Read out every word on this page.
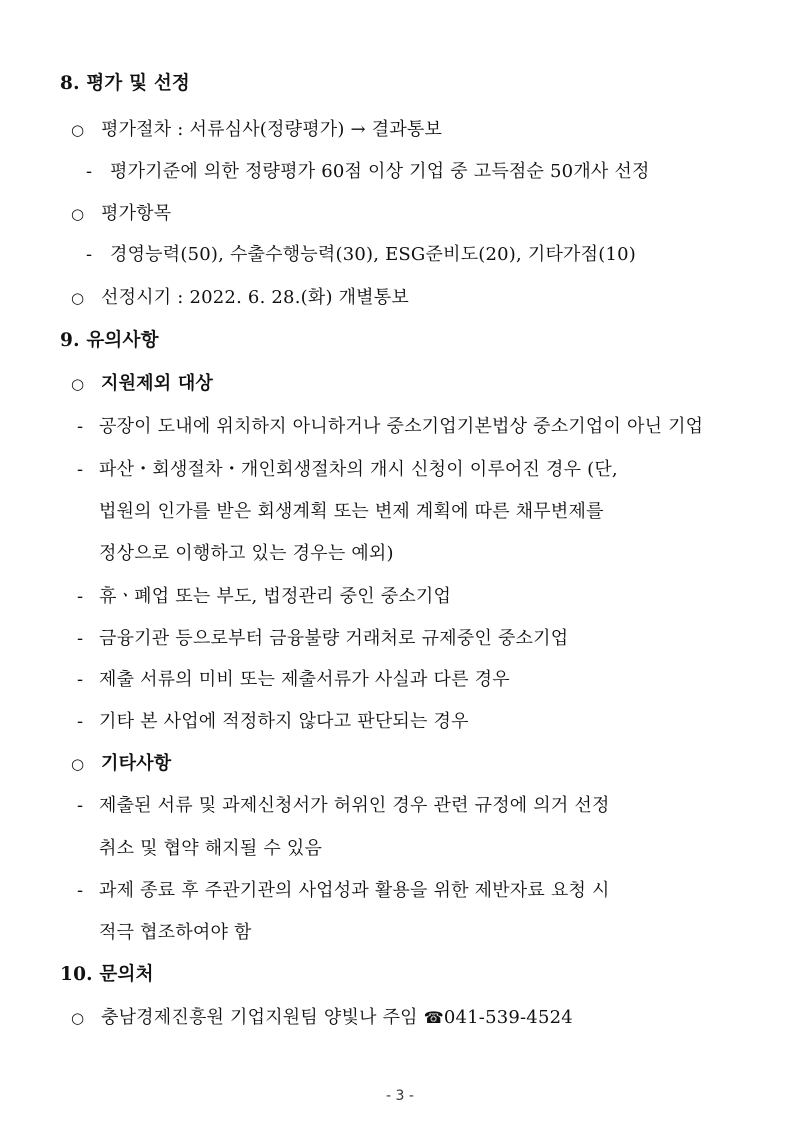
8. 평가 및 선정
○ 평가절차 : 서류심사(정량평가) → 결과통보
- 평가기준에 의한 정량평가 60점 이상 기업 중 고득점순 50개사 선정
○ 평가항목
- 경영능력(50), 수출수행능력(30), ESG준비도(20), 기타가점(10)
○ 선정시기 : 2022. 6. 28.(화) 개별통보
9. 유의사항
○ 지원제외 대상
- 공장이 도내에 위치하지 아니하거나 중소기업기본법상 중소기업이 아닌 기업
- 파산・회생절차・개인회생절차의 개시 신청이 이루어진 경우 (단,
법원의 인가를 받은 회생계획 또는 변제 계획에 따른 채무변제를
정상으로 이행하고 있는 경우는 예외)
- 휴ㆍ폐업 또는 부도, 법정관리 중인 중소기업
- 금융기관 등으로부터 금융불량 거래처로 규제중인 중소기업
- 제출 서류의 미비 또는 제출서류가 사실과 다른 경우
- 기타 본 사업에 적정하지 않다고 판단되는 경우
○ 기타사항
- 제출된 서류 및 과제신청서가 허위인 경우 관련 규정에 의거 선정
취소 및 협약 해지될 수 있음
- 과제 종료 후 주관기관의 사업성과 활용을 위한 제반자료 요청 시
적극 협조하여야 함
10. 문의처
○ 충남경제진흥원 기업지원팀 양빛나 주임 ☎041-539-4524
- 3 -
